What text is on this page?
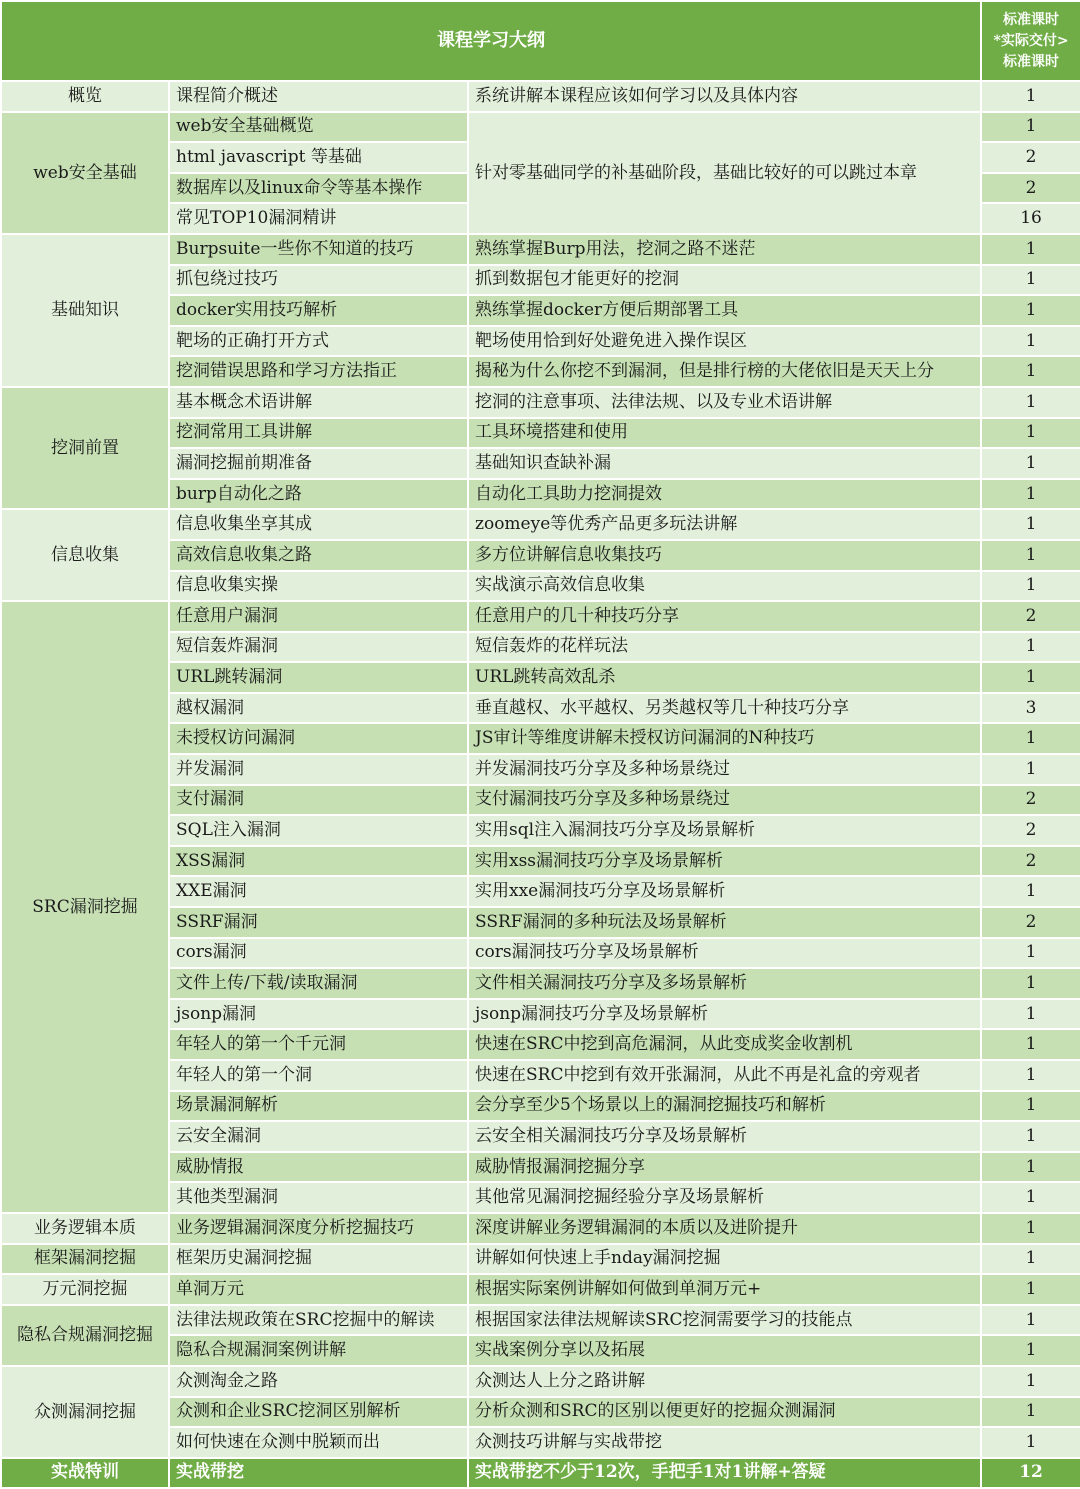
课程学习大纲			标准课时
*实际交付>
标准课时

概览	课程简介概述	系统讲解本课程应该如何学习以及具体内容	1
web安全基础	web安全基础概览	针对零基础同学的补基础阶段，基础比较好的可以跳过本章	1
	html javascript 等基础		2
	数据库以及linux命令等基本操作		2
	常见TOP10漏洞精讲		16
基础知识	Burpsuite一些你不知道的技巧	熟练掌握Burp用法，挖洞之路不迷茫	1
	抓包绕过技巧	抓到数据包才能更好的挖洞	1
	docker实用技巧解析	熟练掌握docker方便后期部署工具	1
	靶场的正确打开方式	靶场使用恰到好处避免进入操作误区	1
	挖洞错误思路和学习方法指正	揭秘为什么你挖不到漏洞，但是排行榜的大佬依旧是天天上分	1
挖洞前置	基本概念术语讲解	挖洞的注意事项、法律法规、以及专业术语讲解	1
	挖洞常用工具讲解	工具环境搭建和使用	1
	漏洞挖掘前期准备	基础知识查缺补漏	1
	burp自动化之路	自动化工具助力挖洞提效	1
信息收集	信息收集坐享其成	zoomeye等优秀产品更多玩法讲解	1
	高效信息收集之路	多方位讲解信息收集技巧	1
	信息收集实操	实战演示高效信息收集	1
SRC漏洞挖掘	任意用户漏洞	任意用户的几十种技巧分享	2
	短信轰炸漏洞	短信轰炸的花样玩法	1
	URL跳转漏洞	URL跳转高效乱杀	1
	越权漏洞	垂直越权、水平越权、另类越权等几十种技巧分享	3
	未授权访问漏洞	JS审计等维度讲解未授权访问漏洞的N种技巧	1
	并发漏洞	并发漏洞技巧分享及多种场景绕过	1
	支付漏洞	支付漏洞技巧分享及多种场景绕过	2
	SQL注入漏洞	实用sql注入漏洞技巧分享及场景解析	2
	XSS漏洞	实用xss漏洞技巧分享及场景解析	2
	XXE漏洞	实用xxe漏洞技巧分享及场景解析	1
	SSRF漏洞	SSRF漏洞的多种玩法及场景解析	2
	cors漏洞	cors漏洞技巧分享及场景解析	1
	文件上传/下载/读取漏洞	文件相关漏洞技巧分享及多场景解析	1
	jsonp漏洞	jsonp漏洞技巧分享及场景解析	1
	年轻人的第一个千元洞	快速在SRC中挖到高危漏洞，从此变成奖金收割机	1
	年轻人的第一个洞	快速在SRC中挖到有效开张漏洞，从此不再是礼盒的旁观者	1
	场景漏洞解析	会分享至少5个场景以上的漏洞挖掘技巧和解析	1
	云安全漏洞	云安全相关漏洞技巧分享及场景解析	1
	威胁情报	威胁情报漏洞挖掘分享	1
	其他类型漏洞	其他常见漏洞挖掘经验分享及场景解析	1
业务逻辑本质	业务逻辑漏洞深度分析挖掘技巧	深度讲解业务逻辑漏洞的本质以及进阶提升	1
框架漏洞挖掘	框架历史漏洞挖掘	讲解如何快速上手nday漏洞挖掘	1
万元洞挖掘	单洞万元	根据实际案例讲解如何做到单洞万元+	1
隐私合规漏洞挖掘	法律法规政策在SRC挖掘中的解读	根据国家法律法规解读SRC挖洞需要学习的技能点	1
	隐私合规漏洞案例讲解	实战案例分享以及拓展	1
众测漏洞挖掘	众测淘金之路	众测达人上分之路讲解	1
	众测和企业SRC挖洞区别解析	分析众测和SRC的区别以便更好的挖掘众测漏洞	1
	如何快速在众测中脱颖而出	众测技巧讲解与实战带挖	1
实战特训	实战带挖	实战带挖不少于12次，手把手1对1讲解+答疑	12
